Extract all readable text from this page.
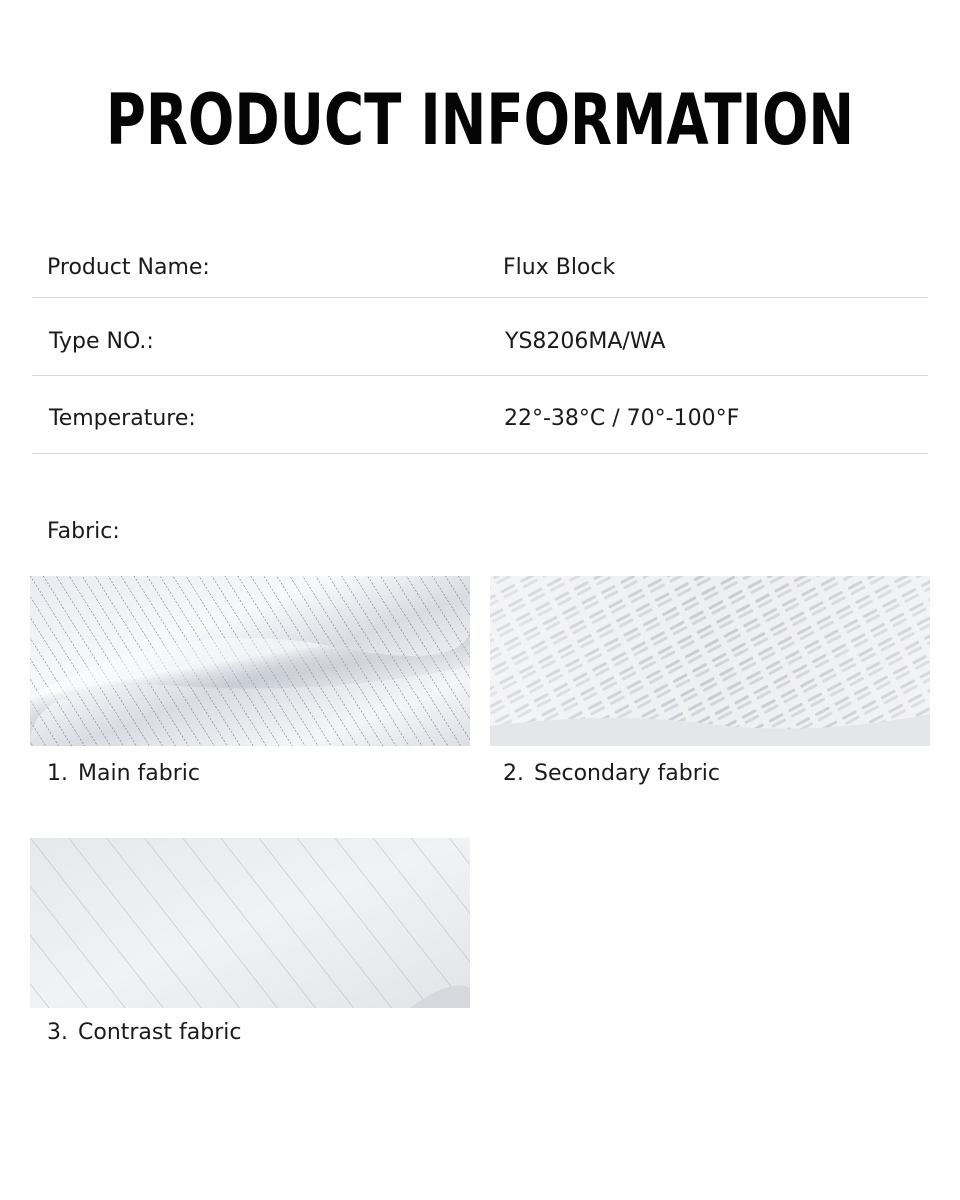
PRODUCT INFORMATION
Product Name:	Flux Block
Type NO.:	YS8206MA/WA
Temperature:	22°-38°C / 70°-100°F
Fabric:
1. Main fabric	2. Secondary fabric
3. Contrast fabric
